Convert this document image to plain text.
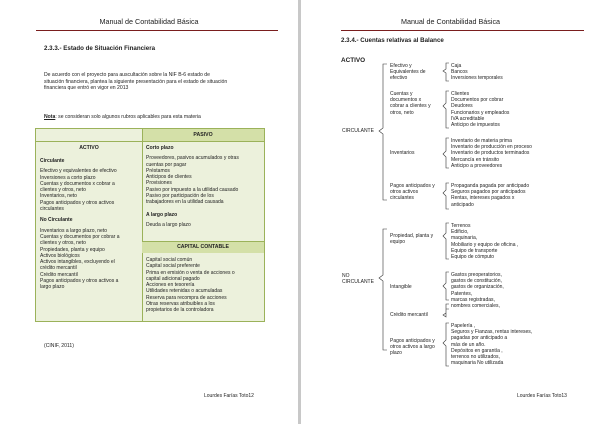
Manual de Contabilidad Básica
2.3.3.- Estado de Situación Financiera
De acuerdo con el proyecto para auscultación sobre la NIF B-6 estado de
situación financiera, plantea la siguiente presentación para el estado de situación
financiera que entró en vigor en 2013
Nota: se consideran solo algunos rubros aplicables para esta materia
PASIVO
ACTIVO
CAPITAL CONTABLE
Circulante
Efectivo y equivalentes de efectivo
Inversiones a corto plazo
Cuentas y documentos x cobrar a
clientes y otros, neto
Inventarios, neto
Pagos anticipados y otros activos
circulantes
No Circulante
Inventarios a largo plazo, neto
Cuentas y documentos por cobrar a
clientes y otros, neto
Propiedades, planta y equipo
Activos biológicos
Activos intangibles, excluyendo el
crédito mercantil
Crédito mercantil
Pagos anticipados y otros activos a
largo plazo
Corto plazo
Proveedores, pasivos acumulados y otras
cuentas por pagar
Préstamos
Anticipos de clientes
Provisiones
Pasivo por impuesto a la utilidad causado
Pasivo por participación de los
trabajadores en la utilidad causada
A largo plazo
Deuda a largo plazo
Capital social común
Capital social preferente
Prima en emisión o venta de acciones o
capital adicional pagado
Acciones en tesorería
Utilidades retenidas o acumuladas
Reserva para recompra de acciones
Otras reservas atribuibles a los
propietarios de la controladora
(CINIF, 2011)
Lourdes Farías Toto12
Manual de Contabilidad Básica
2.3.4.- Cuentas relativas al Balance
ACTIVO
CIRCULANTE
NO
CIRCULANTE
Efectivo y
Equivalentes de
efectivo
Caja
Bancos
Inversiones temporales
Cuentas y
documentos x
cobrar a clientes y
otros, neto
Clientes
Documentos por cobrar
Deudores
Funcionarios y empleados
IVA acreditable
Anticipo de impuestos
Inventarios
Inventario de materia prima
Inventario de producción en proceso
Inventario de productos terminados
Mercancía en tránsito
Anticipo a proveedores
Pagos anticipados y
otros activos
circulantes
Propaganda pagada por anticipado
Seguros pagados por anticipados
Rentas, intereses pagados x
anticipado
Propiedad, planta y
equipo
Terrenos
Edificio,
maquinaria,
Mobiliario y equipo de oficina ,
Equipo de transporte
Equipo de cómputo
Intangible
Gastos preoperatorios,
gastos de constitución,
gastos de organización,
Patentes,
marcas registradas,
Crédito mercantil
nombres comerciales,
Pagos anticipados y
otros activos a largo
plazo
Papelería ,
Seguros y Fianzas, rentas intereses,
pagadas por anticipado a
más de un año.
Depósitos en garantía ,
terrenos no utilizados,
maquinaria No utilizada
Lourdes Farías Toto13
